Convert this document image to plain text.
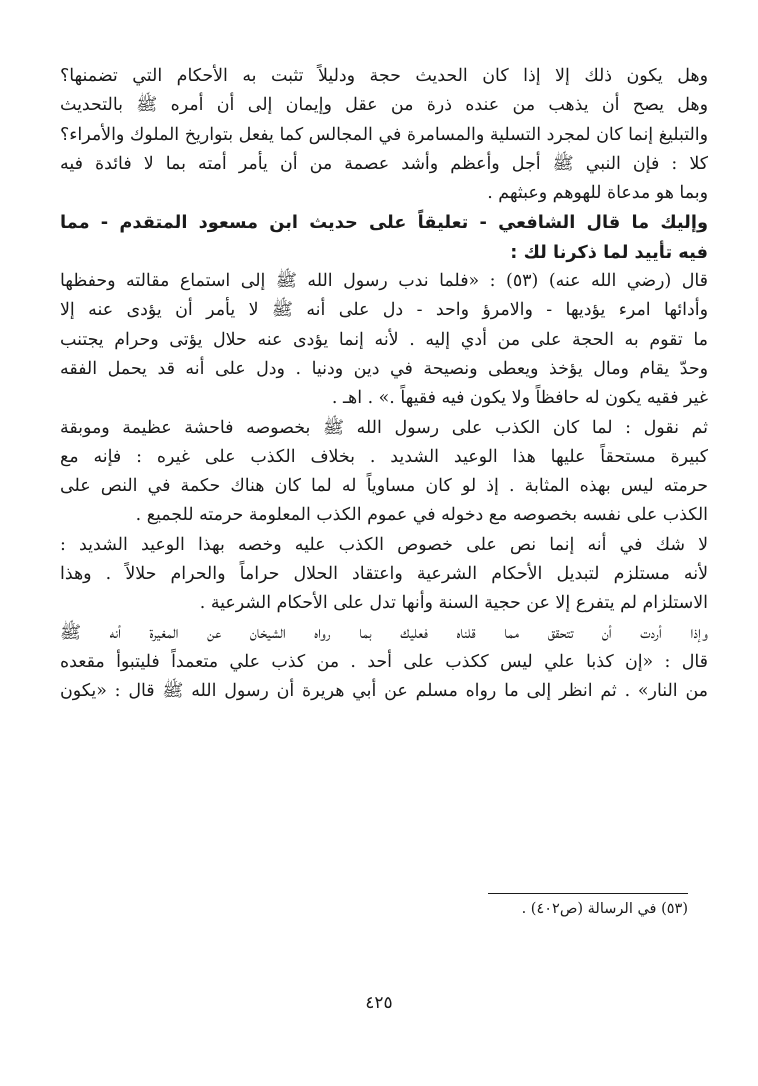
وهل يكون ذلك إلا إذا كان الحديث حجة ودليلاً تثبت به الأحكام التي تضمنها؟
وهل يصح أن يذهب من عنده ذرة من عقل وإيمان إلى أن أمره ﷺ بالتحديث
والتبليغ إنما كان لمجرد التسلية والمسامرة في المجالس كما يفعل بتواريخ الملوك والأمراء؟
كلا : فإن النبي ﷺ أجل وأعظم وأشد عصمة من أن يأمر أمته بما لا فائدة فيه
وبما هو مدعاة للهوهم وعبثهم .
وإليك ما قال الشافعي - تعليقاً على حديث ابن مسعود المتقدم - مما
فيه تأييد لما ذكرنا لك :
قال (رضي الله عنه) (٥٣) : «فلما ندب رسول الله ﷺ إلى استماع مقالته وحفظها
وأدائها امرء يؤديها - والامرؤ واحد - دل على أنه ﷺ لا يأمر أن يؤدى عنه إلا
ما تقوم به الحجة على من أدي إليه . لأنه إنما يؤدى عنه حلال يؤتى وحرام يجتنب
وحدّ يقام ومال يؤخذ ويعطى ونصيحة في دين ودنيا . ودل على أنه قد يحمل الفقه
غير فقيه يكون له حافظاً ولا يكون فيه فقيهاً .» . اهـ .
ثم نقول : لما كان الكذب على رسول الله ﷺ بخصوصه فاحشة عظيمة وموبقة
كبيرة مستحقاً عليها هذا الوعيد الشديد . بخلاف الكذب على غيره : فإنه مع
حرمته ليس بهذه المثابة . إذ لو كان مساوياً له لما كان هناك حكمة في النص على
الكذب على نفسه بخصوصه مع دخوله في عموم الكذب المعلومة حرمته للجميع .
لا شك في أنه إنما نص على خصوص الكذب عليه وخصه بهذا الوعيد الشديد :
لأنه مستلزم لتبديل الأحكام الشرعية واعتقاد الحلال حراماً والحرام حلالاً . وهذا
الاستلزام لم يتفرع إلا عن حجية السنة وأنها تدل على الأحكام الشرعية .
وإذا أردت أن تتحقق مما قلناه فعليك بما رواه الشيخان عن المغيرة أنه ﷺ
قال : «إن كذبا علي ليس ككذب على أحد . من كذب علي متعمداً فليتبوأ مقعده
من النار» . ثم انظر إلى ما رواه مسلم عن أبي هريرة أن رسول الله ﷺ قال : «يكون
(٥٣) في الرسالة (ص٤٠٢) .
٤٢٥
